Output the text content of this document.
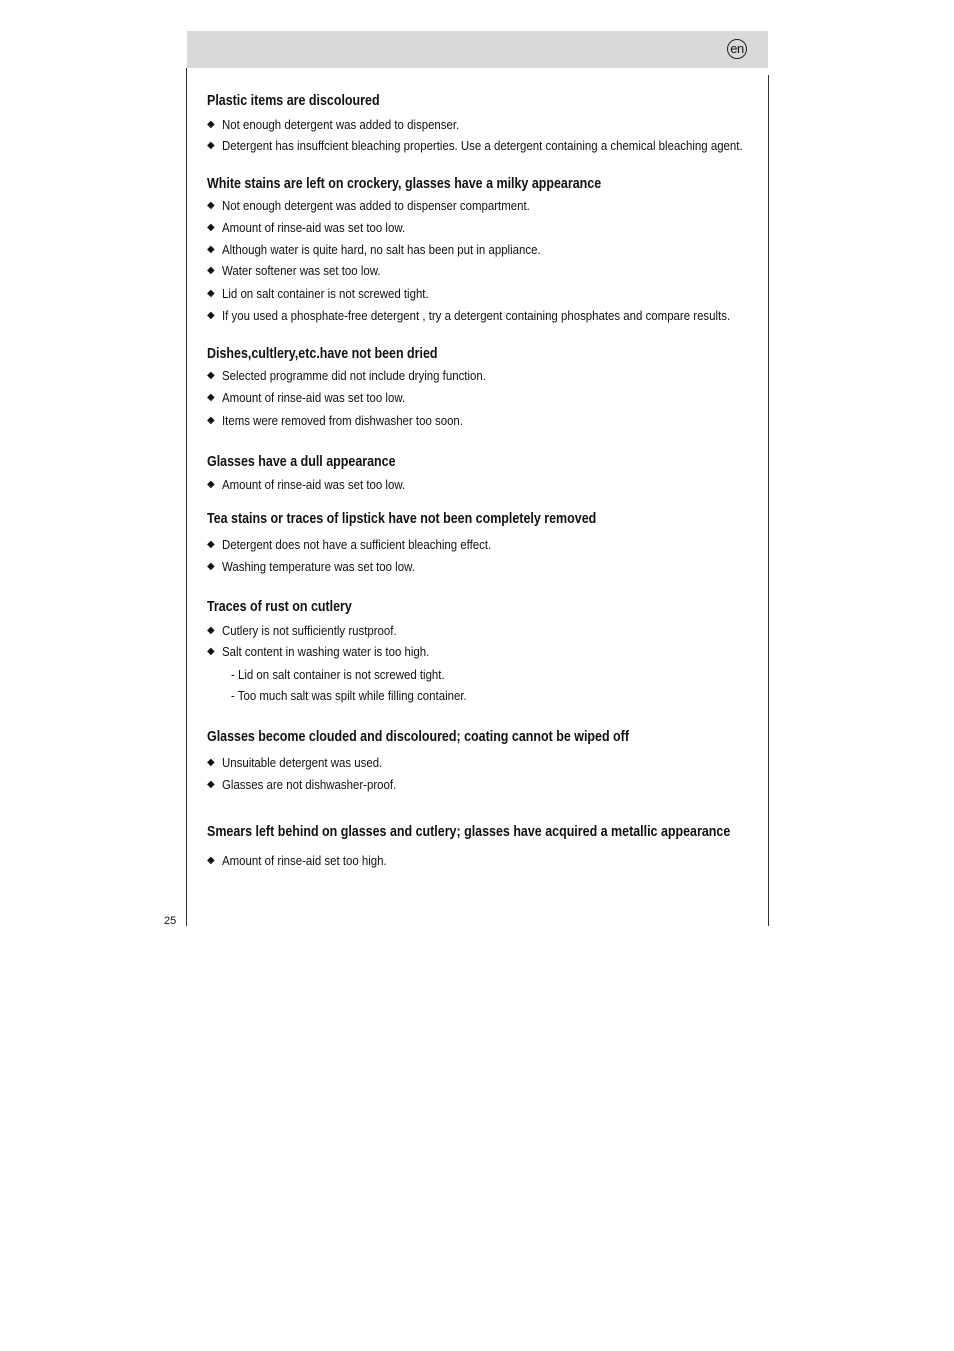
en
25
Plastic items are discoloured
◆ Not enough detergent was added to dispenser.
◆ Detergent has insuffcient bleaching properties. Use a detergent containing a chemical bleaching agent.
White stains are left on crockery, glasses have a milky appearance
◆ Not enough detergent was added to dispenser compartment.
◆ Amount of rinse-aid was set too low.
◆ Although water is quite hard, no salt has been put in appliance.
◆ Water softener was set too low.
◆ Lid on salt container is not screwed tight.
◆ If you used a phosphate-free detergent , try a detergent containing phosphates and compare results.
Dishes,cultlery,etc.have not been dried
◆ Selected programme did not include drying function.
◆ Amount of rinse-aid was set too low.
◆ Items were removed from dishwasher too soon.
Glasses have a dull appearance
◆ Amount of rinse-aid was set too low.
Tea stains or traces of lipstick have not been completely removed
◆ Detergent does not have a sufficient bleaching effect.
◆ Washing temperature was set too low.
Traces of rust on cutlery
◆ Cutlery is not sufficiently rustproof.
◆ Salt content in washing water is too high.
- Lid on salt container is not screwed tight.
- Too much salt was spilt while filling container.
Glasses become clouded and discoloured; coating cannot be wiped off
◆ Unsuitable detergent was used.
◆ Glasses are not dishwasher-proof.
Smears left behind on glasses and cutlery; glasses have acquired a metallic appearance
◆ Amount of rinse-aid set too high.
